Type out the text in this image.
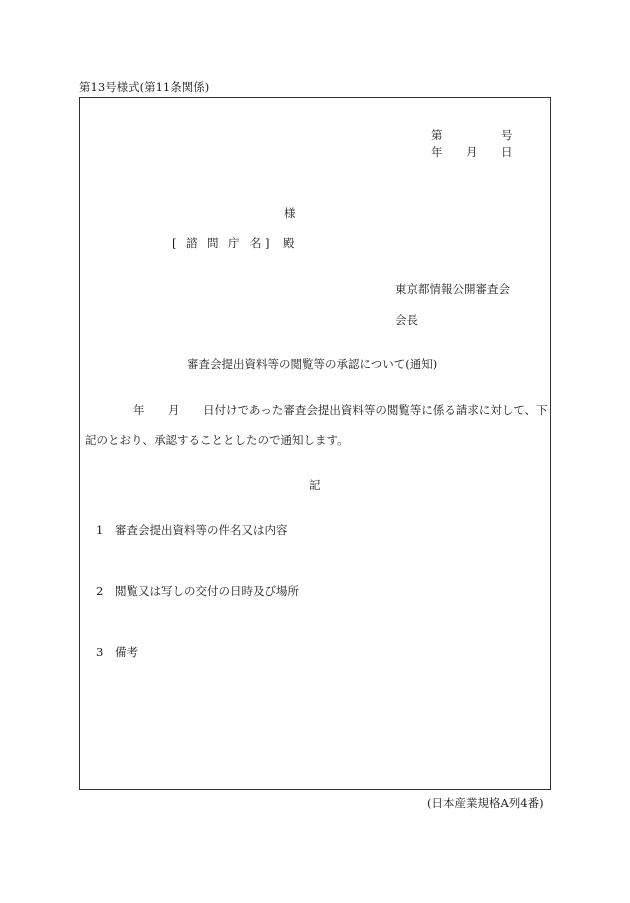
第13号様式(第11条関係)
第	号
年 月 日
様
[ 諮 問 庁 名 ] 殿
東京都情報公開審査会
会長
審査会提出資料等の閲覧等の承認について(通知)
年 月 日付けであった審査会提出資料等の閲覧等に係る請求に対して、下
記のとおり、承認することとしたので通知します。
記
1 審査会提出資料等の件名又は内容
2 閲覧又は写しの交付の日時及び場所
3 備考
(日本産業規格A列4番)
